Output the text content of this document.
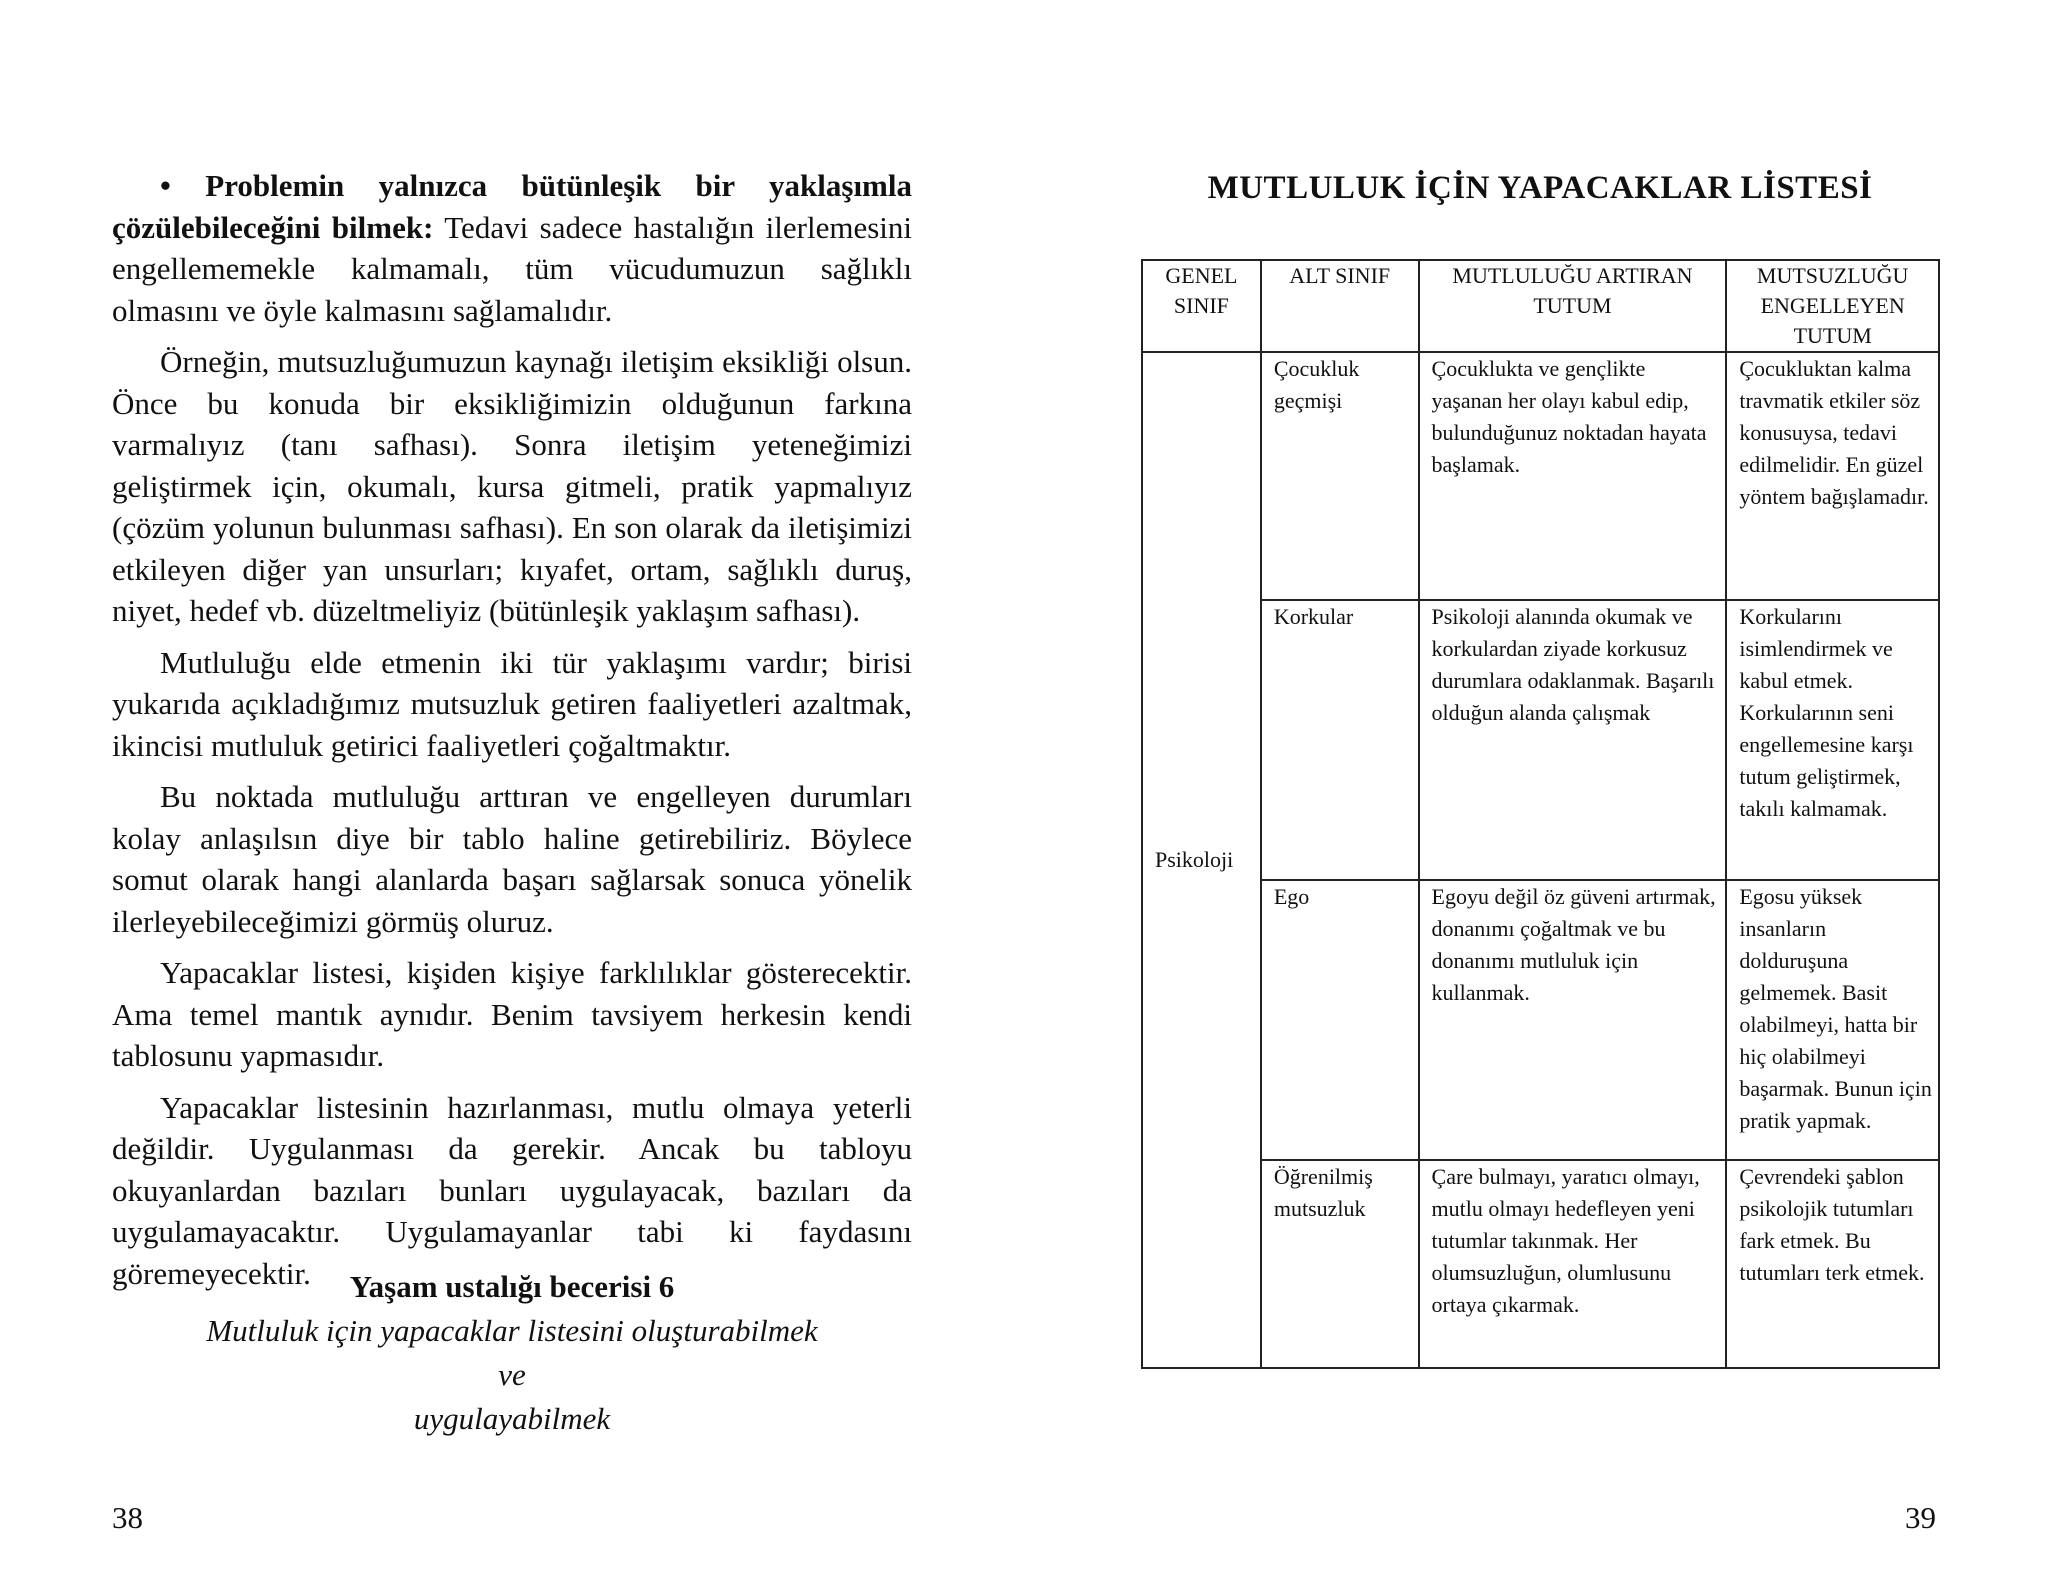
• Problemin yalnızca bütünleşik bir yaklaşımla çözülebileceğini bilmek: Tedavi sadece hastalığın ilerlemesini engellememekle kalmamalı, tüm vücudumuzun sağlıklı olmasını ve öyle kalmasını sağlamalıdır.

Örneğin, mutsuzluğumuzun kaynağı iletişim eksikliği olsun. Önce bu konuda bir eksikliğimizin olduğunun farkına varmalıyız (tanı safhası). Sonra iletişim yeteneğimizi geliştirmek için, okumalı, kursa gitmeli, pratik yapmalıyız (çözüm yolunun bulunması safhası). En son olarak da iletişimizi etkileyen diğer yan unsurları; kıyafet, ortam, sağlıklı duruş, niyet, hedef vb. düzeltmeliyiz (bütünleşik yaklaşım safhası).

Mutluluğu elde etmenin iki tür yaklaşımı vardır; birisi yukarıda açıkladığımız mutsuzluk getiren faaliyetleri azaltmak, ikincisi mutluluk getirici faaliyetleri çoğaltmaktır.

Bu noktada mutluluğu arttıran ve engelleyen durumları kolay anlaşılsın diye bir tablo haline getirebiliriz. Böylece somut olarak hangi alanlarda başarı sağlarsak sonuca yönelik ilerleyebileceğimizi görmüş oluruz.

Yapacaklar listesi, kişiden kişiye farklılıklar gösterecektir. Ama temel mantık aynıdır. Benim tavsiyem herkesin kendi tablosunu yapmasıdır.

Yapacaklar listesinin hazırlanması, mutlu olmaya yeterli değildir. Uygulanması da gerekir. Ancak bu tabloyu okuyanlardan bazıları bunları uygulayacak, bazıları da uygulamayacaktır. Uygulamayanlar tabi ki faydasını göremeyecektir.	Yaşam ustalığı becerisi 6
Mutluluk için yapacaklar listesini oluşturabilmek
ve
uygulayabilmek
38
MUTLULUK İÇİN YAPACAKLAR LİSTESİ
GENEL SINIF	ALT SINIF	MUTLULUĞU ARTIRAN TUTUM	MUTSUZLUĞU ENGELLEYEN TUTUM
Psikoloji	Çocukluk geçmişi	Çocuklukta ve gençlikte yaşanan her olayı kabul edip, bulunduğunuz noktadan hayata başlamak.	Çocukluktan kalma travmatik etkiler söz konusuysa, tedavi edilmelidir. En güzel yöntem bağışlamadır.
	Korkular	Psikoloji alanında okumak ve korkulardan ziyade korkusuz durumlara odaklanmak. Başarılı olduğun alanda çalışmak	Korkularını isimlendirmek ve kabul etmek. Korkularının seni engellemesine karşı tutum geliştirmek, takılı kalmamak.
	Ego	Egoyu değil öz güveni artırmak, donanımı çoğaltmak ve bu donanımı mutluluk için kullanmak.	Egosu yüksek insanların dolduruşuna gelmemek. Basit olabilmeyi, hatta bir hiç olabilmeyi başarmak. Bunun için pratik yapmak.
	Öğrenilmiş mutsuzluk	Çare bulmayı, yaratıcı olmayı, mutlu olmayı hedefleyen yeni tutumlar takınmak. Her olumsuzluğun, olumlusunu ortaya çıkarmak.	Çevrendeki şablon psikolojik tutumları fark etmek. Bu tutumları terk etmek.
39
